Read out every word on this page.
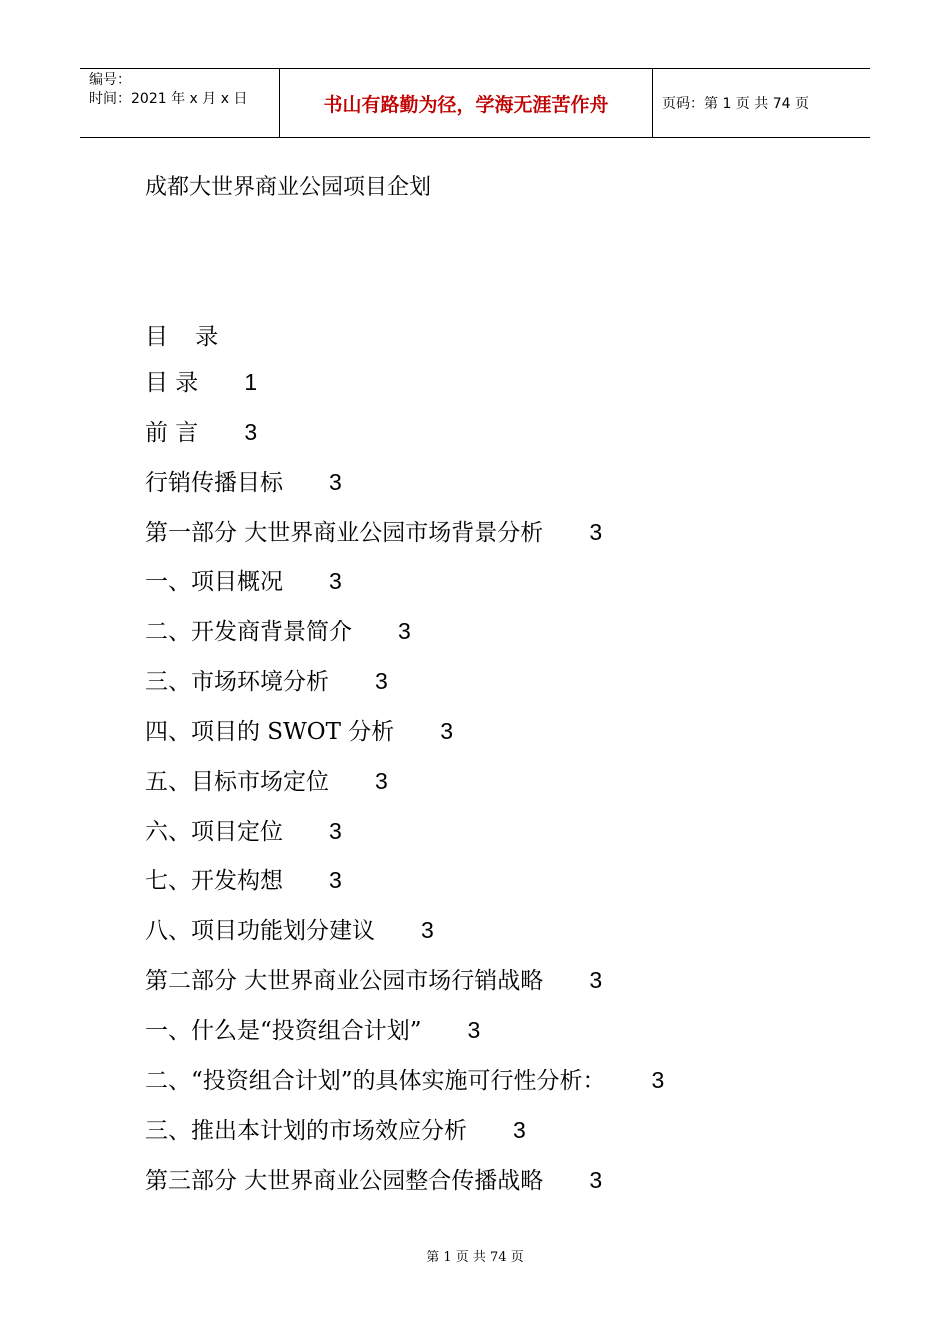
编号：
时间：2021 年 x 月 x 日	书山有路勤为径，学海无涯苦作舟	页码：第 1 页 共 74 页
成都大世界商业公园项目企划
目 录
目 录 1
前 言 3
行销传播目标 3
第一部分 大世界商业公园市场背景分析 3
一、项目概况 3
二、开发商背景简介 3
三、市场环境分析 3
四、项目的 SWOT 分析 3
五、目标市场定位 3
六、项目定位 3
七、开发构想 3
八、项目功能划分建议 3
第二部分 大世界商业公园市场行销战略 3
一、什么是“投资组合计划” 3
二、“投资组合计划”的具体实施可行性分析： 3
三、推出本计划的市场效应分析 3
第三部分 大世界商业公园整合传播战略 3
第 1 页 共 74 页
